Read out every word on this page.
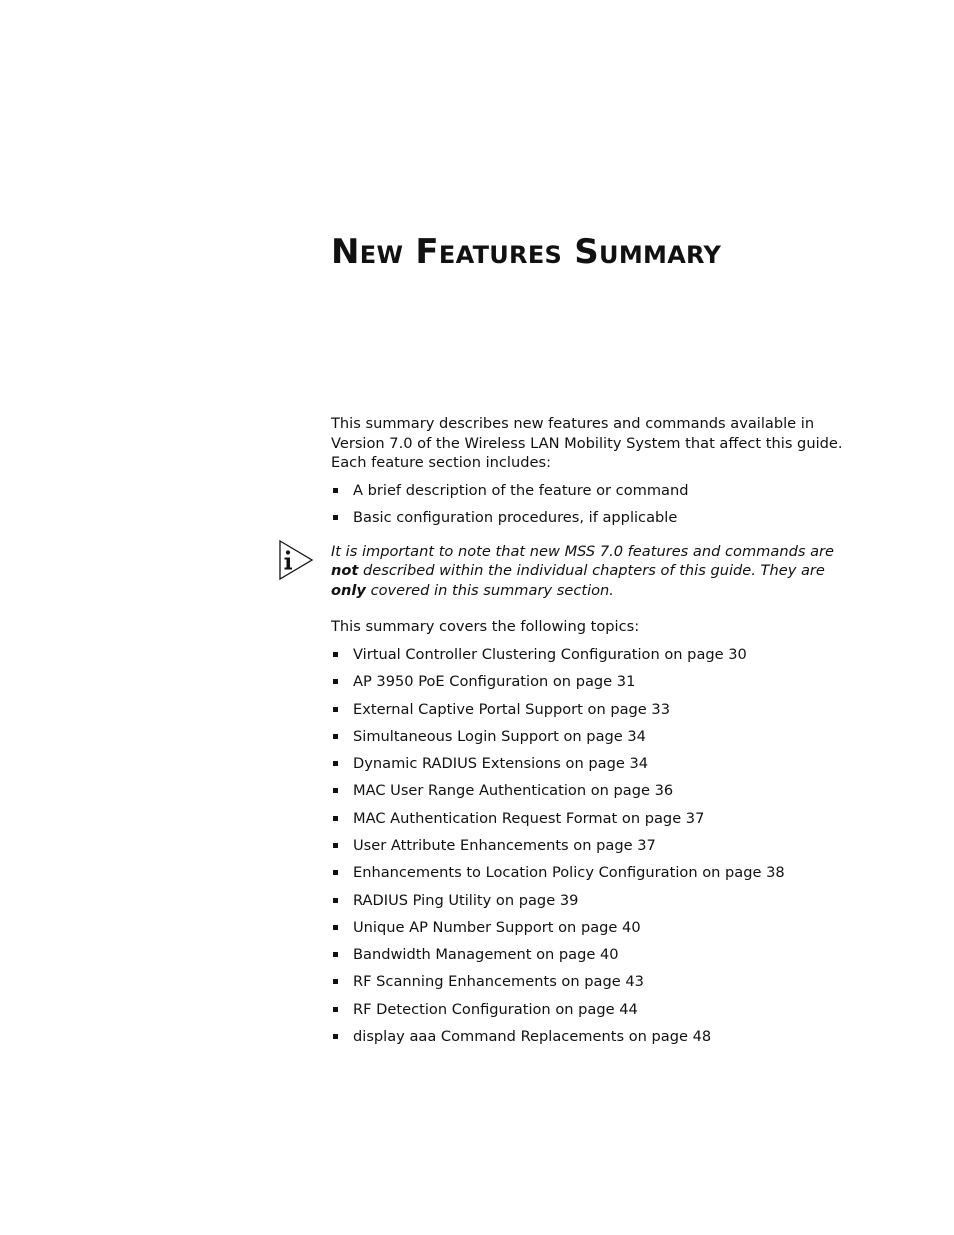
New Features Summary

This summary describes new features and commands available in Version 7.0 of the Wireless LAN Mobility System that affect this guide. Each feature section includes:

A brief description of the feature or command
Basic configuration procedures, if applicable

It is important to note that new MSS 7.0 features and commands are not described within the individual chapters of this guide. They are only covered in this summary section.

This summary covers the following topics:

Virtual Controller Clustering Configuration on page 30
AP 3950 PoE Configuration on page 31
External Captive Portal Support on page 33
Simultaneous Login Support on page 34
Dynamic RADIUS Extensions on page 34
MAC User Range Authentication on page 36
MAC Authentication Request Format on page 37
User Attribute Enhancements on page 37
Enhancements to Location Policy Configuration on page 38
RADIUS Ping Utility on page 39
Unique AP Number Support on page 40
Bandwidth Management on page 40
RF Scanning Enhancements on page 43
RF Detection Configuration on page 44
display aaa Command Replacements on page 48
